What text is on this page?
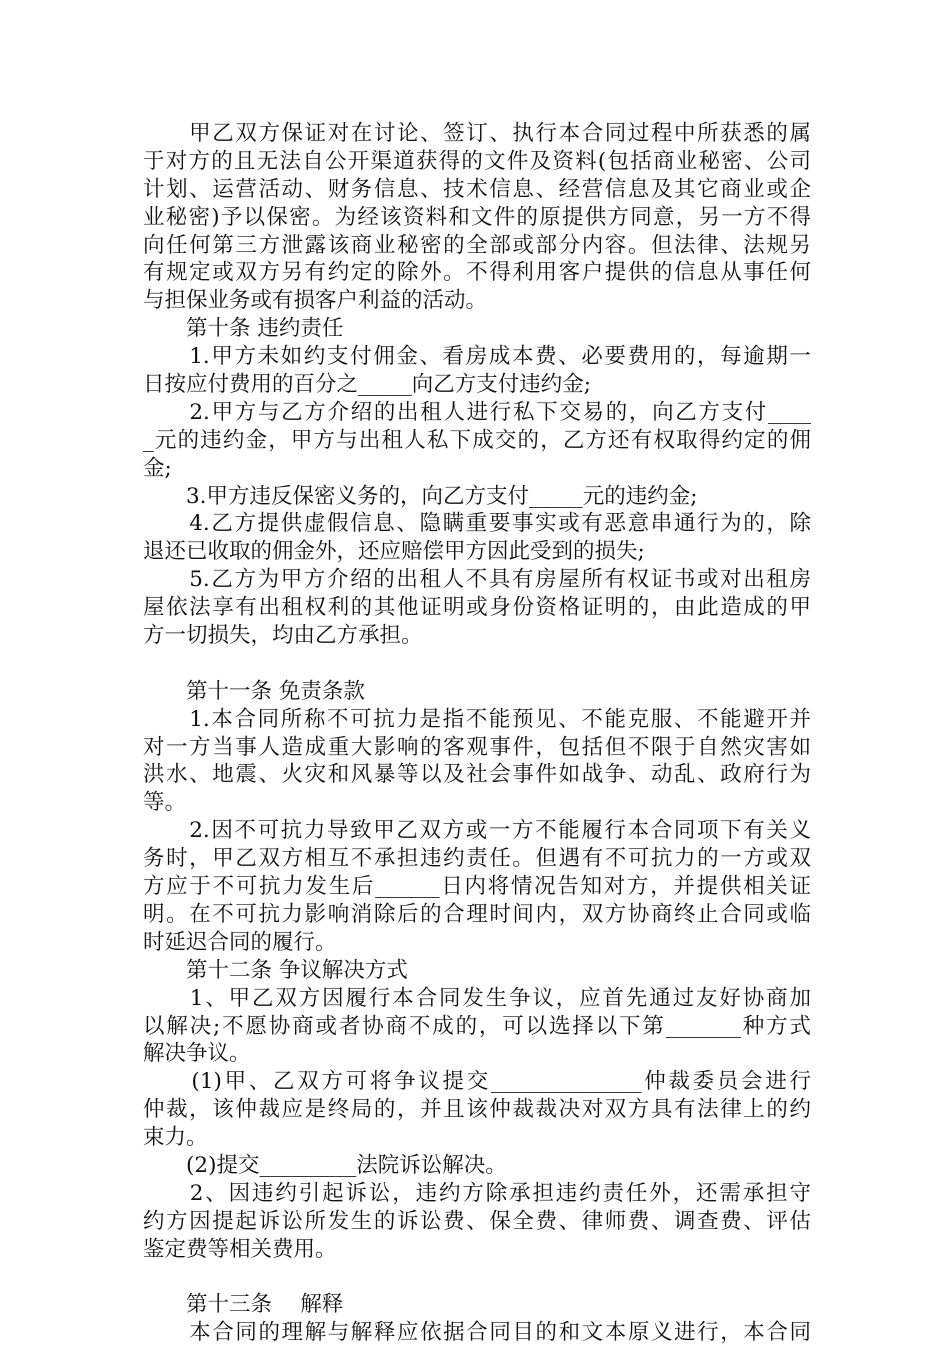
　　甲乙双方保证对在讨论、签订、执行本合同过程中所获悉的属
于对方的且无法自公开渠道获得的文件及资料(包括商业秘密、公司
计划、运营活动、财务信息、技术信息、经营信息及其它商业或企
业秘密)予以保密。为经该资料和文件的原提供方同意，另一方不得
向任何第三方泄露该商业秘密的全部或部分内容。但法律、法规另
有规定或双方另有约定的除外。不得利用客户提供的信息从事任何
与担保业务或有损客户利益的活动。
　　第十条 违约责任
　　1.甲方未如约支付佣金、看房成本费、必要费用的，每逾期一
日按应付费用的百分之_____向乙方支付违约金;
　　2.甲方与乙方介绍的出租人进行私下交易的，向乙方支付____
_元的违约金，甲方与出租人私下成交的，乙方还有权取得约定的佣
金;
　　3.甲方违反保密义务的，向乙方支付_____元的违约金;
　　4.乙方提供虚假信息、隐瞒重要事实或有恶意串通行为的，除
退还已收取的佣金外，还应赔偿甲方因此受到的损失;
　　5.乙方为甲方介绍的出租人不具有房屋所有权证书或对出租房
屋依法享有出租权利的其他证明或身份资格证明的，由此造成的甲
方一切损失，均由乙方承担。
　　第十一条 免责条款
　　1.本合同所称不可抗力是指不能预见、不能克服、不能避开并
对一方当事人造成重大影响的客观事件，包括但不限于自然灾害如
洪水、地震、火灾和风暴等以及社会事件如战争、动乱、政府行为
等。
　　2.因不可抗力导致甲乙双方或一方不能履行本合同项下有关义
务时，甲乙双方相互不承担违约责任。但遇有不可抗力的一方或双
方应于不可抗力发生后______日内将情况告知对方，并提供相关证
明。在不可抗力影响消除后的合理时间内，双方协商终止合同或临
时延迟合同的履行。
　　第十二条 争议解决方式
　　1、甲乙双方因履行本合同发生争议，应首先通过友好协商加
以解决;不愿协商或者协商不成的，可以选择以下第_______种方式
解决争议。
　　(1)甲、乙双方可将争议提交______________仲裁委员会进行
仲裁，该仲裁应是终局的，并且该仲裁裁决对双方具有法律上的约
束力。
　　(2)提交_________法院诉讼解决。
　　2、因违约引起诉讼，违约方除承担违约责任外，还需承担守
约方因提起诉讼所发生的诉讼费、保全费、律师费、调查费、评估
鉴定费等相关费用。
　　第十三条　 解释
　　本合同的理解与解释应依据合同目的和文本原义进行，本合同
